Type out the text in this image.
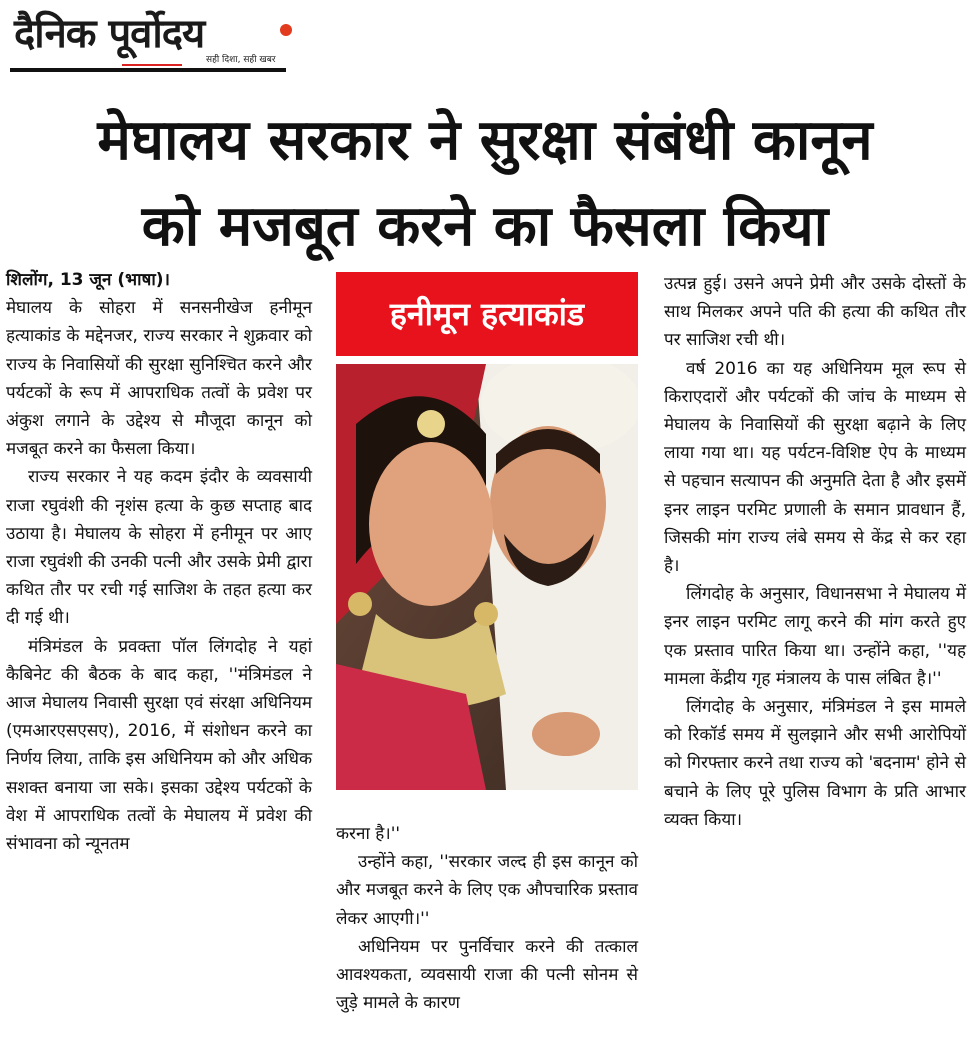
दैनिक पूर्वोदय
सही दिशा, सही खबर
मेघालय सरकार ने सुरक्षा संबंधी कानून
को मजबूत करने का फैसला किया

शिलोंग, 13 जून (भाषा)।

मेघालय के सोहरा में सनसनीखेज हनीमून हत्याकांड के मद्देनजर, राज्य सरकार ने शुक्रवार को राज्य के निवासियों की सुरक्षा सुनिश्चित करने और पर्यटकों के रूप में आपराधिक तत्वों के प्रवेश पर अंकुश लगाने के उद्देश्य से मौजूदा कानून को मजबूत करने का फैसला किया।

राज्य सरकार ने यह कदम इंदौर के व्यवसायी राजा रघुवंशी की नृशंस हत्या के कुछ सप्ताह बाद उठाया है। मेघालय के सोहरा में हनीमून पर आए राजा रघुवंशी की उनकी पत्नी और उसके प्रेमी द्वारा कथित तौर पर रची गई साजिश के तहत हत्या कर दी गई थी।

मंत्रिमंडल के प्रवक्ता पॉल लिंगदोह ने यहां कैबिनेट की बैठक के बाद कहा, ''मंत्रिमंडल ने आज मेघालय निवासी सुरक्षा एवं संरक्षा अधिनियम (एमआरएसएसए), 2016, में संशोधन करने का निर्णय लिया, ताकि इस अधिनियम को और अधिक सशक्त बनाया जा सके। इसका उद्देश्य पर्यटकों के वेश में आपराधिक तत्वों के मेघालय में प्रवेश की संभावना को न्यूनतम

हनीमून हत्याकांड

करना है।''

उन्होंने कहा, ''सरकार जल्द ही इस कानून को और मजबूत करने के लिए एक औपचारिक प्रस्ताव लेकर आएगी।''

अधिनियम पर पुनर्विचार करने की तत्काल आवश्यकता, व्यवसायी राजा की पत्नी सोनम से जुड़े मामले के कारण

उत्पन्न हुई। उसने अपने प्रेमी और उसके दोस्तों के साथ मिलकर अपने पति की हत्या की कथित तौर पर साजिश रची थी।

वर्ष 2016 का यह अधिनियम मूल रूप से किराएदारों और पर्यटकों की जांच के माध्यम से मेघालय के निवासियों की सुरक्षा बढ़ाने के लिए लाया गया था। यह पर्यटन-विशिष्ट ऐप के माध्यम से पहचान सत्यापन की अनुमति देता है और इसमें इनर लाइन परमिट प्रणाली के समान प्रावधान हैं, जिसकी मांग राज्य लंबे समय से केंद्र से कर रहा है।

लिंगदोह के अनुसार, विधानसभा ने मेघालय में इनर लाइन परमिट लागू करने की मांग करते हुए एक प्रस्ताव पारित किया था। उन्होंने कहा, ''यह मामला केंद्रीय गृह मंत्रालय के पास लंबित है।''

लिंगदोह के अनुसार, मंत्रिमंडल ने इस मामले को रिकॉर्ड समय में सुलझाने और सभी आरोपियों को गिरफ्तार करने तथा राज्य को 'बदनाम' होने से बचाने के लिए पूरे पुलिस विभाग के प्रति आभार व्यक्त किया।
